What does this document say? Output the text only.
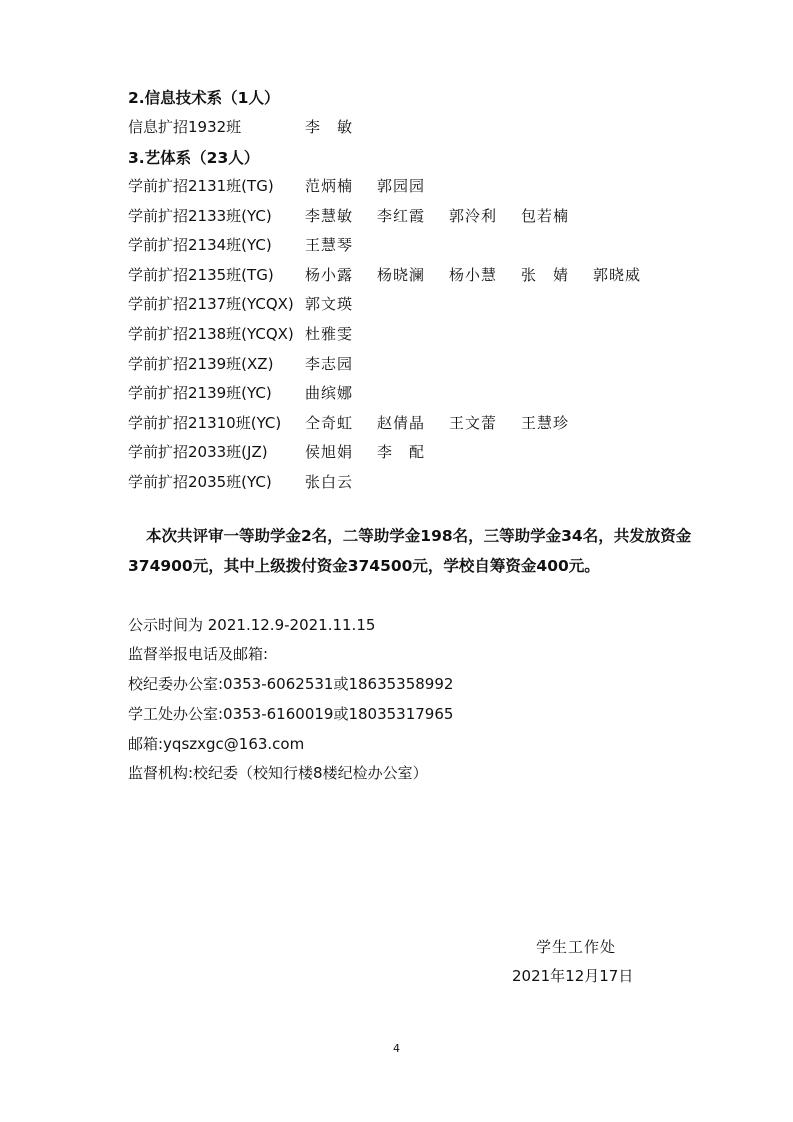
2.信息技术系（1人）
信息扩招1932班	李　敏
3.艺体系（23人）
学前扩招2131班(TG) 范炳楠 郭园园
学前扩招2133班(YC) 李慧敏 李红霞 郭泠利 包若楠
学前扩招2134班(YC) 王慧琴
学前扩招2135班(TG) 杨小露 杨晓澜 杨小慧 张　婧 郭晓威
学前扩招2137班(YCQX) 郭文瑛
学前扩招2138班(YCQX) 杜雅雯
学前扩招2139班(XZ) 李志园
学前扩招2139班(YC) 曲缤娜
学前扩招21310班(YC) 仝奇虹 赵倩晶 王文蕾 王慧珍
学前扩招2033班(JZ) 侯旭娟 李　配
学前扩招2035班(YC) 张白云
本次共评审一等助学金2名，二等助学金198名，三等助学金34名，共发放资金
374900元，其中上级拨付资金374500元，学校自筹资金400元。
公示时间为 2021.12.9-2021.11.15
监督举报电话及邮箱:
校纪委办公室:0353-6062531或18635358992
学工处办公室:0353-6160019或18035317965
邮箱:yqszxgc@163.com
监督机构:校纪委（校知行楼8楼纪检办公室）
学生工作处
2021年12月17日
4
